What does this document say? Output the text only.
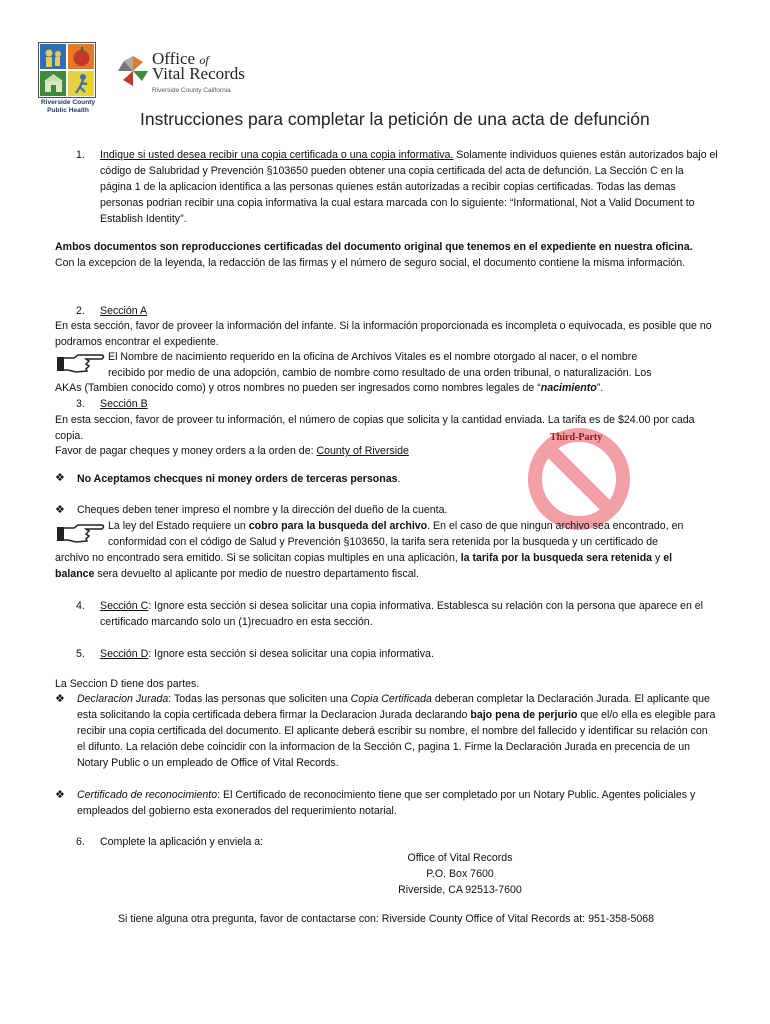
Riverside County
Public Health
Office of
Vital Records
Riverside County California
Instrucciones para completar la petición de una acta de defunción
1. Indique si usted desea recibir una copia certificada o una copia informativa. Solamente individuos quienes están autorizados bajo el código de Salubridad y Prevención §103650 pueden obtener una copia certificada del acta de defunción. La Sección C en la página 1 de la aplicacion identifica a las personas quienes están autorizadas a recibir copias certificadas. Todas las demas personas podrian recibir una copia informativa la cual estara marcada con lo siguiente: “Informational, Not a Valid Document to Establish Identity”.

Ambos documentos son reproducciones certificadas del documento original que tenemos en el expediente en nuestra oficina.

Con la excepcion de la leyenda, la redacción de las firmas y el número de seguro social, el documento contiene la misma información.

2. Sección A

En esta sección, favor de proveer la información del infante. Si la información proporcionada es incompleta o equivocada, es posible que no podramos encontrar el expediente.

El Nombre de nacimiento requerido en la oficina de Archivos Vitales es el nombre otorgado al nacer, o el nombre

recibido por medio de una adopción, cambio de nombre como resultado de una orden tribunal, o naturalización. Los

AKAs (Tambien conocido como) y otros nombres no pueden ser ingresados como nombres legales de “nacimiento”.

3. Sección B

En esta seccion, favor de proveer tu información, el número de copias que solicita y la cantidad enviada. La tarifa es de $24.00 por cada copia.

Favor de pagar cheques y money orders a la orden de: County of Riverside

❖ No Aceptamos checques ni money orders de terceras personas.

Third-Party
❖ Cheques deben tener impreso el nombre y la dirección del dueño de la cuenta.

La ley del Estado requiere un cobro para la busqueda del archivo. En el caso de que ningun archivo sea encontrado, en

conformidad con el código de Salud y Prevención §103650, la tarifa sera retenida por la busqueda y un certificado de

archivo no encontrado sera emitido. Si se solicitan copias multiples en una aplicación, la tarifa por la busqueda sera retenida y el

balance sera devuelto al aplicante por medio de nuestro departamento fiscal.

4. Sección C: Ignore esta sección si desea solicitar una copia informativa. Establesca su relación con la persona que aparece en el certificado marcando solo un (1)recuadro en esta sección.

5. Sección D: Ignore esta sección si desea solicitar una copia informativa.

La Seccion D tiene dos partes.

❖ Declaracion Jurada: Todas las personas que soliciten una Copia Certificada deberan completar la Declaración Jurada. El aplicante que esta solicitando la copia certificada debera firmar la Declaracion Jurada declarando bajo pena de perjurio que el/o ella es elegible para recibir una copia certificada del documento. El aplicante deberá escribir su nombre, el nombre del fallecido y identificar su relación con el difunto. La relación debe coincidir con la informacion de la Sección C, pagina 1. Firme la Declaración Jurada en precencia de un Notary Public o un empleado de Office of Vital Records.

❖ Certificado de reconocimiento: El Certificado de reconocimiento tiene que ser completado por un Notary Public. Agentes policiales y empleados del gobierno esta exonerados del requerimiento notarial.

6. Complete la aplicación y enviela a:

Office of Vital Records
P.O. Box 7600
Riverside, CA 92513-7600

Si tiene alguna otra pregunta, favor de contactarse con: Riverside County Office of Vital Records at: 951-358-5068
